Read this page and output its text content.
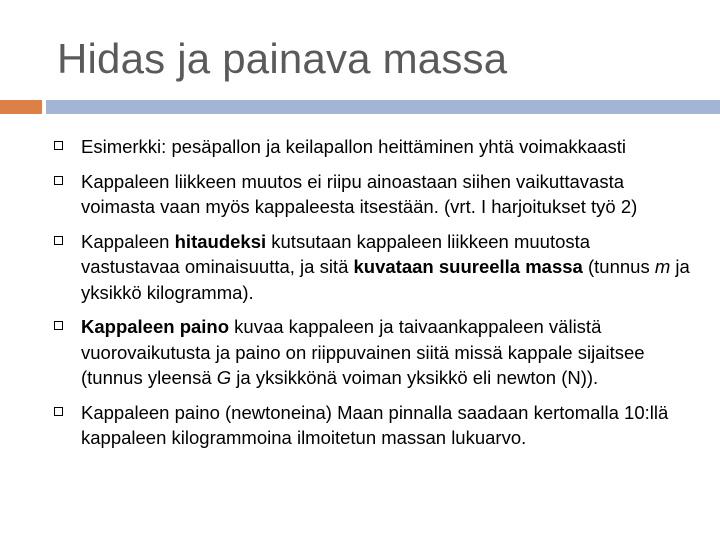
Hidas ja painava massa
Esimerkki: pesäpallon ja keilapallon heittäminen yhtä voimakkaasti
Kappaleen liikkeen muutos ei riipu ainoastaan siihen vaikuttavasta voimasta vaan myös kappaleesta itsestään. (vrt. I harjoitukset työ 2)
Kappaleen hitaudeksi kutsutaan kappaleen liikkeen muutosta vastustavaa ominaisuutta, ja sitä kuvataan suureella massa (tunnus m ja yksikkö kilogramma).
Kappaleen paino kuvaa kappaleen ja taivaankappaleen välistä vuorovaikutusta ja paino on riippuvainen siitä missä kappale sijaitsee (tunnus yleensä G ja yksikkönä voiman yksikkö eli newton (N)).
Kappaleen paino (newtoneina) Maan pinnalla saadaan kertomalla 10:llä kappaleen kilogrammoina ilmoitetun massan lukuarvo.
